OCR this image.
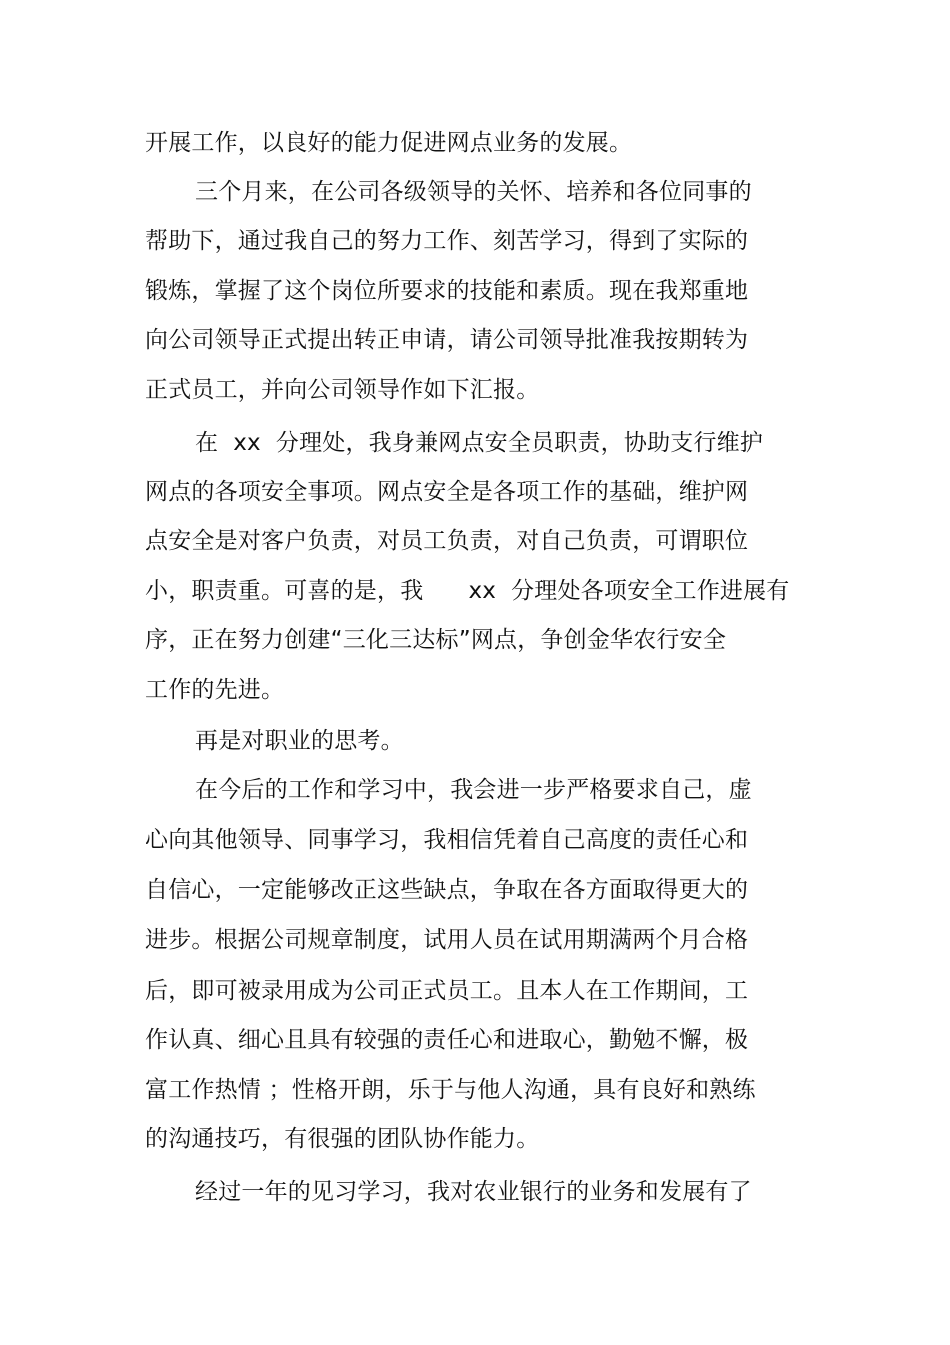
开展工作，以良好的能力促进网点业务的发展。
三个月来，在公司各级领导的关怀、培养和各位同事的
帮助下，通过我自己的努力工作、刻苦学习，得到了实际的
锻炼，掌握了这个岗位所要求的技能和素质。现在我郑重地
向公司领导正式提出转正申请，请公司领导批准我按期转为
正式员工，并向公司领导作如下汇报。
在  xx  分理处，我身兼网点安全员职责，协助支行维护
网点的各项安全事项。网点安全是各项工作的基础，维护网
点安全是对客户负责，对员工负责，对自己负责，可谓职位
小，职责重。可喜的是，我      xx  分理处各项安全工作进展有
序，正在努力创建“三化三达标”网点，争创金华农行安全
工作的先进。
再是对职业的思考。
在今后的工作和学习中，我会进一步严格要求自己，虚
心向其他领导、同事学习，我相信凭着自己高度的责任心和
自信心，一定能够改正这些缺点，争取在各方面取得更大的
进步。根据公司规章制度，试用人员在试用期满两个月合格
后，即可被录用成为公司正式员工。且本人在工作期间，工
作认真、细心且具有较强的责任心和进取心，勤勉不懈，极
富工作热情 ；性格开朗，乐于与他人沟通，具有良好和熟练
的沟通技巧，有很强的团队协作能力。
经过一年的见习学习，我对农业银行的业务和发展有了
